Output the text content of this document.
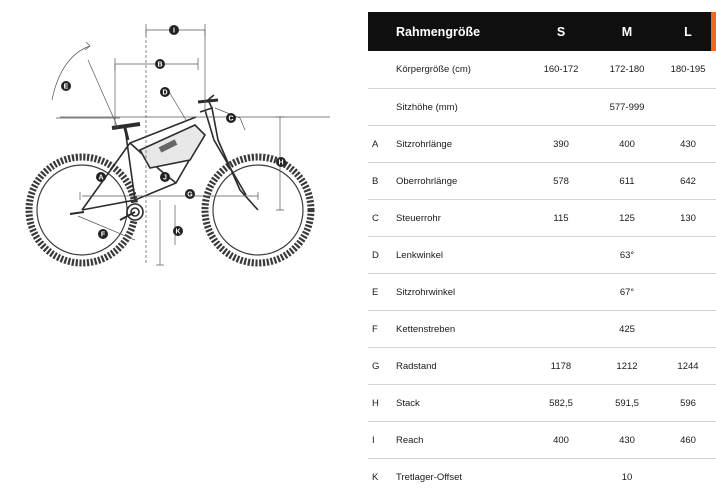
I
B
E
D
C
H
A	J
G
F	K
Rahmengröße	S	M	L
Körpergröße (cm)	160-172	172-180	180-195
Sitzhöhe (mm)	577-999
A	Sitzrohrlänge	390	400	430
B	Oberrohrlänge	578	611	642
C	Steuerrohr	115	125	130
D	Lenkwinkel	63°
E	Sitzrohrwinkel	67°
F	Kettenstreben	425
G	Radstand	1178	1212	1244
H	Stack	582,5	591,5	596
I	Reach	400	430	460
K	Tretlager-Offset	10
